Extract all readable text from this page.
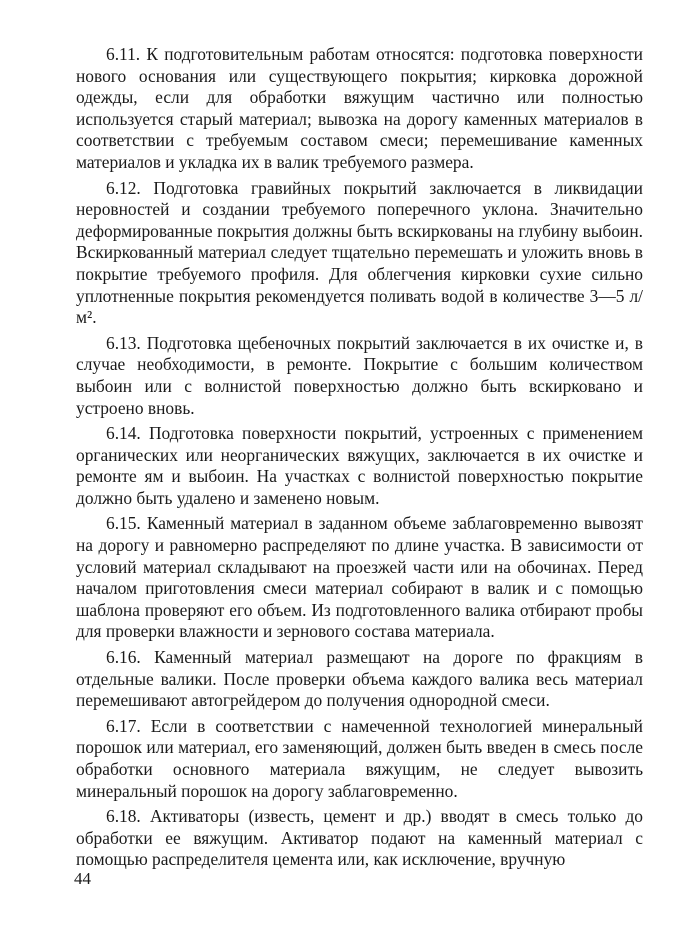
6.11. К подготовительным работам относятся: подготовка поверхности нового основания или существующего покрытия; кирковка дорожной одежды, если для обработки вяжущим частично или полностью используется старый материал; вывозка на дорогу каменных материалов в соответствии с требуемым составом смеси; перемешивание каменных материалов и укладка их в валик требуемого размера.

6.12. Подготовка гравийных покрытий заключается в ликвидации неровностей и создании требуемого поперечного уклона. Значительно деформированные покрытия должны быть вскиркованы на глубину выбоин. Вскиркованный материал следует тщательно перемешать и уложить вновь в покрытие требуемого профиля. Для облегчения кирковки сухие сильно уплотненные покрытия рекомендуется поливать водой в количестве 3—5 л/м².

6.13. Подготовка щебеночных покрытий заключается в их очистке и, в случае необходимости, в ремонте. Покрытие с большим количеством выбоин или с волнистой поверхностью должно быть вскирковано и устроено вновь.

6.14. Подготовка поверхности покрытий, устроенных с применением органических или неорганических вяжущих, заключается в их очистке и ремонте ям и выбоин. На участках с волнистой поверхностью покрытие должно быть удалено и заменено новым.

6.15. Каменный материал в заданном объеме заблаговременно вывозят на дорогу и равномерно распределяют по длине участка. В зависимости от условий материал складывают на проезжей части или на обочинах. Перед началом приготовления смеси материал собирают в валик и с помощью шаблона проверяют его объем. Из подготовленного валика отбирают пробы для проверки влажности и зернового состава материала.

6.16. Каменный материал размещают на дороге по фракциям в отдельные валики. После проверки объема каждого валика весь материал перемешивают автогрейдером до получения однородной смеси.

6.17. Если в соответствии с намеченной технологией минеральный порошок или материал, его заменяющий, должен быть введен в смесь после обработки основного материала вяжущим, не следует вывозить минеральный порошок на дорогу заблаговременно.

6.18. Активаторы (известь, цемент и др.) вводят в смесь только до обработки ее вяжущим. Активатор подают на каменный материал с помощью распределителя цемента или, как исключение, вручную

44
